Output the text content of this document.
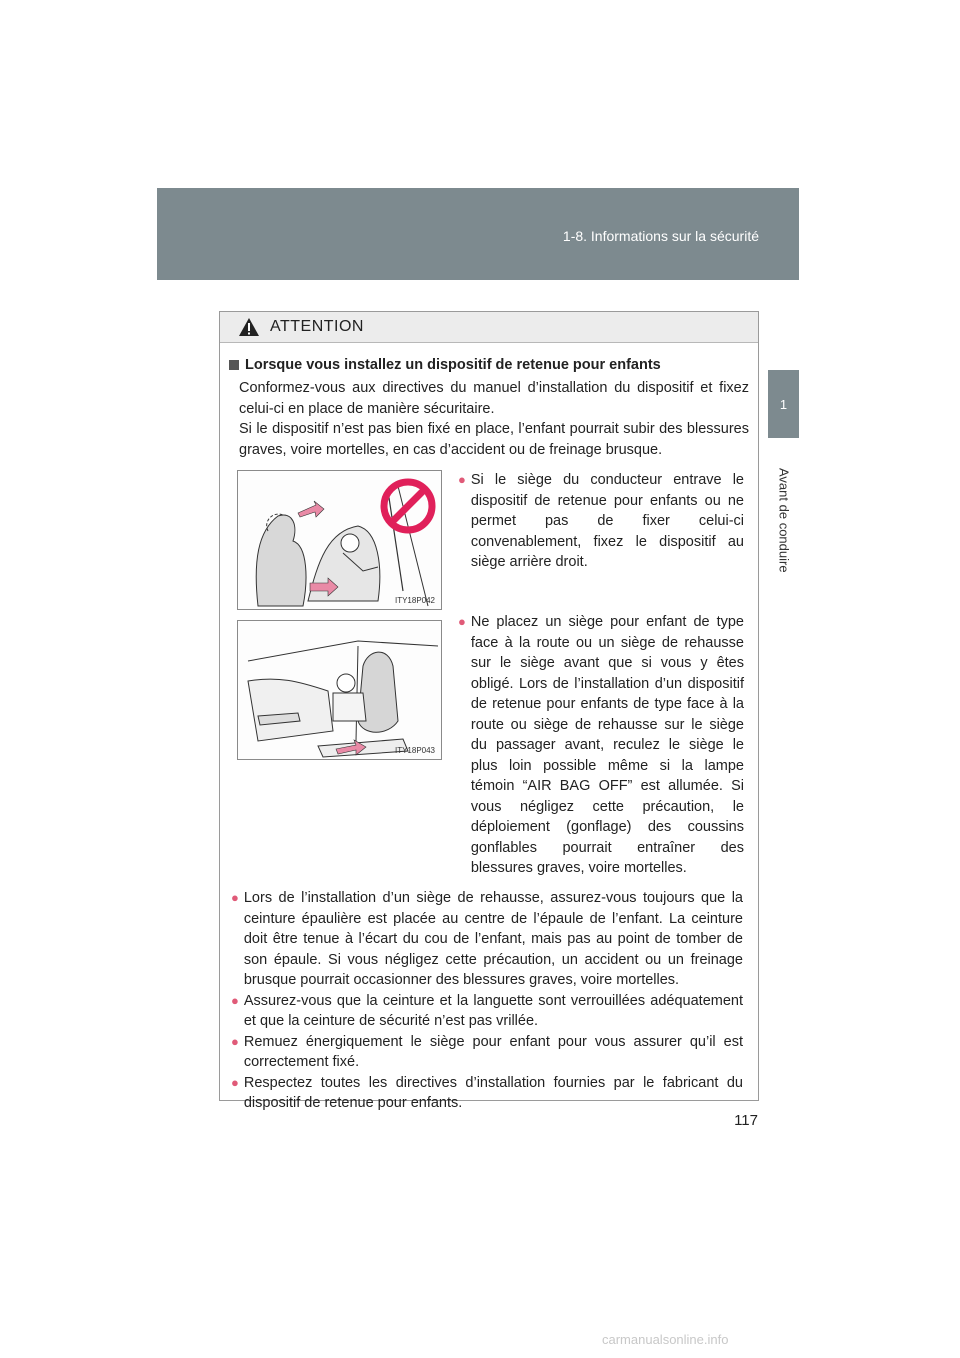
1-8. Informations sur la sécurité
1
Avant de conduire
ATTENTION
Lorsque vous installez un dispositif de retenue pour enfants
Conformez-vous aux directives du manuel d’installation du dispositif et fixez celui-ci en place de manière sécuritaire.
Si le dispositif n’est pas bien fixé en place, l’enfant pourrait subir des blessures graves, voire mortelles, en cas d’accident ou de freinage brusque.
ITY18P042
● Si le siège du conducteur entrave le dispositif de retenue pour enfants ou ne permet pas de fixer celui-ci convenablement, fixez le dispositif au siège arrière droit.
ITY18P043
● Ne placez un siège pour enfant de type face à la route ou un siège de rehausse sur le siège avant que si vous y êtes obligé. Lors de l’installation d’un dispositif de retenue pour enfants de type face à la route ou siège de rehausse sur le siège du passager avant, reculez le siège le plus loin possible même si la lampe témoin “AIR BAG OFF” est allumée. Si vous négligez cette précaution, le déploiement (gonflage) des coussins gonflables pourrait entraîner des blessures graves, voire mortelles.
● Lors de l’installation d’un siège de rehausse, assurez-vous toujours que la ceinture épaulière est placée au centre de l’épaule de l’enfant. La ceinture doit être tenue à l’écart du cou de l’enfant, mais pas au point de tomber de son épaule. Si vous négligez cette précaution, un accident ou un freinage brusque pourrait occasionner des blessures graves, voire mortelles.
● Assurez-vous que la ceinture et la languette sont verrouillées adéquatement et que la ceinture de sécurité n’est pas vrillée.
● Remuez énergiquement le siège pour enfant pour vous assurer qu’il est correctement fixé.
● Respectez toutes les directives d’installation fournies par le fabricant du dispositif de retenue pour enfants.
117
carmanualsonline.info
